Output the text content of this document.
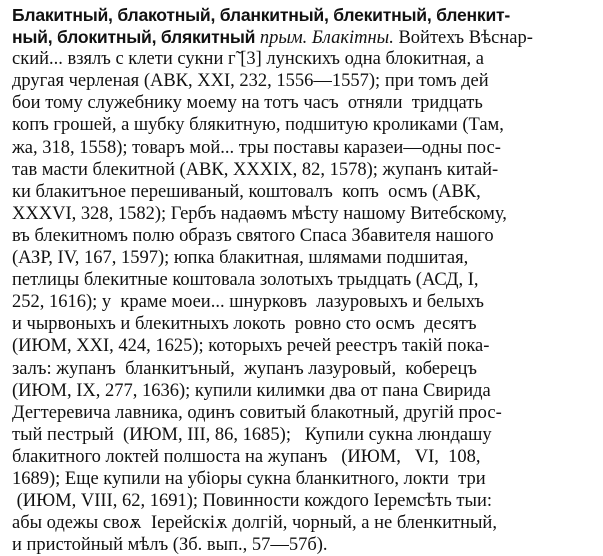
Блакитный, блакотный, бланкитный, блекитный, бленкит-
ный, блокитный, блякитный прым. Блакітны. Войтехъ Вѣснар-
ский... взялъ с клети сукни г̃ [3] лунскихъ одна блокитная, а
другая черленая (АВК, XXI, 232, 1556—1557); при томъ дей
бои тому служебнику моему на тотъ часъ  отняли  тридцать
копъ грошей, а шубку блякитную, подшитую кроликами (Там,
жа, 318, 1558); товаръ мой... тры поставы каразеи—одны пос-
тав масти блекитной (АВК, XXXIX, 82, 1578); жупанъ китай-
ки блакитъное перешиваный, коштовалъ  копъ  осмъ (АВК,
XXXVI, 328, 1582); Гербъ надаѳмъ мѣсту нашому Витебскому,
въ блекитномъ полю образъ святого Спаса Збавителя нашого
(АЗР, IV, 167, 1597); юпка блакитная, шлямами подшитая,
петлицы блекитные коштовала золотыхъ трыдцать (АСД, I,
252, 1616); у  краме моеи... шнурковъ  лазуровыхъ и белыхъ
и чырвоныхъ и блекитныхъ локоть  ровно сто осмъ  десятъ
(ИЮМ, XXI, 424, 1625); которыхъ речей реестръ такій пока-
залъ: жупанъ  бланкитъный,  жупанъ лазуровый,  коберецъ
(ИЮМ, IX, 277, 1636); купили килимки два от пана Свирида
Дегтеревича лавника, одинъ совитый блакотный, другій прос-
тый пестрый  (ИЮМ, III, 86, 1685);   Купили сукна люндашу
блакитного локтей полшоста на жупанъ   (ИЮМ,   VI,  108,
1689); Еще купили на убіоры сукна бланкитного, локти  три
(ИЮМ, VIII, 62, 1691); Повинности кождого Іеремсѣть тыи:
абы одежы своѫ  Іерейскіѫ долгій, чорный, а не бленкитный,
и пристойный мѣлъ (Зб. вып., 57—57б).
